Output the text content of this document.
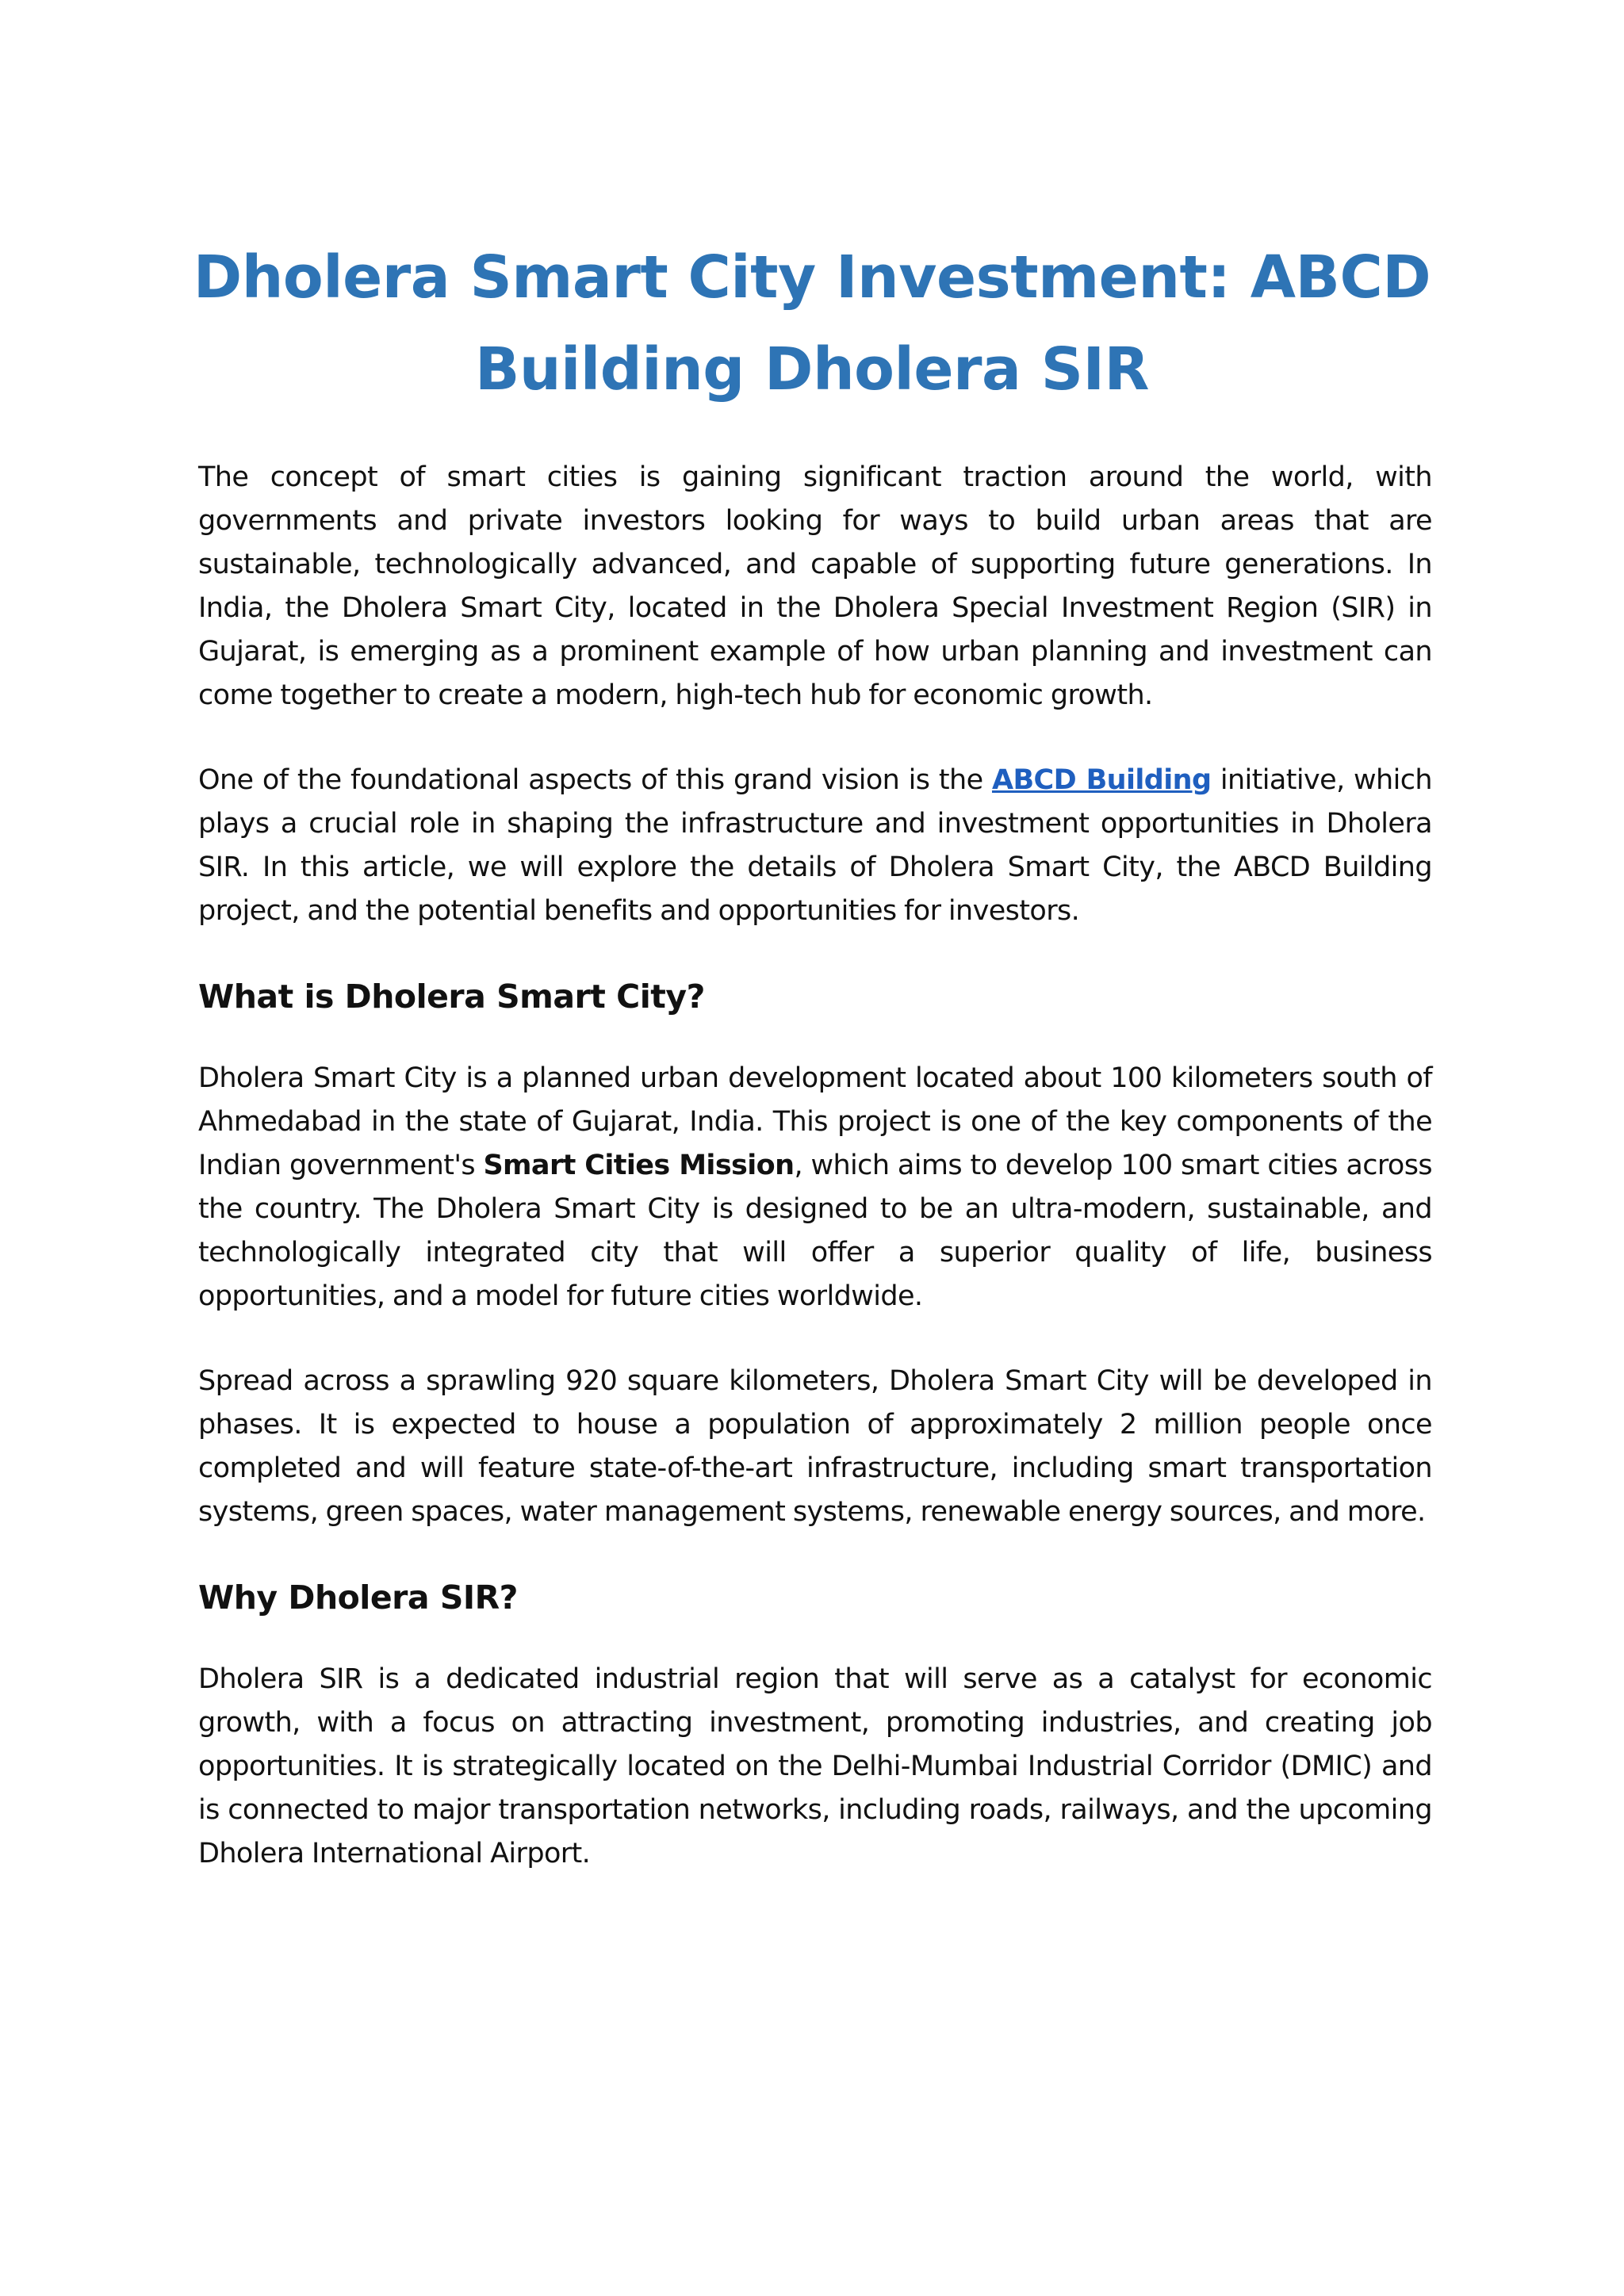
Dholera Smart City Investment: ABCD Building Dholera SIR

The concept of smart cities is gaining significant traction around the world, with governments and private investors looking for ways to build urban areas that are sustainable, technologically advanced, and capable of supporting future generations. In India, the Dholera Smart City, located in the Dholera Special Investment Region (SIR) in Gujarat, is emerging as a prominent example of how urban planning and investment can come together to create a modern, high-tech hub for economic growth.

One of the foundational aspects of this grand vision is the ABCD Building initiative, which plays a crucial role in shaping the infrastructure and investment opportunities in Dholera SIR. In this article, we will explore the details of Dholera Smart City, the ABCD Building project, and the potential benefits and opportunities for investors.

What is Dholera Smart City?

Dholera Smart City is a planned urban development located about 100 kilometers south of Ahmedabad in the state of Gujarat, India. This project is one of the key components of the Indian government's Smart Cities Mission, which aims to develop 100 smart cities across the country. The Dholera Smart City is designed to be an ultra-modern, sustainable, and technologically integrated city that will offer a superior quality of life, business opportunities, and a model for future cities worldwide.

Spread across a sprawling 920 square kilometers, Dholera Smart City will be developed in phases. It is expected to house a population of approximately 2 million people once completed and will feature state-of-the-art infrastructure, including smart transportation systems, green spaces, water management systems, renewable energy sources, and more.

Why Dholera SIR?

Dholera SIR is a dedicated industrial region that will serve as a catalyst for economic growth, with a focus on attracting investment, promoting industries, and creating job opportunities. It is strategically located on the Delhi-Mumbai Industrial Corridor (DMIC) and is connected to major transportation networks, including roads, railways, and the upcoming Dholera International Airport.
